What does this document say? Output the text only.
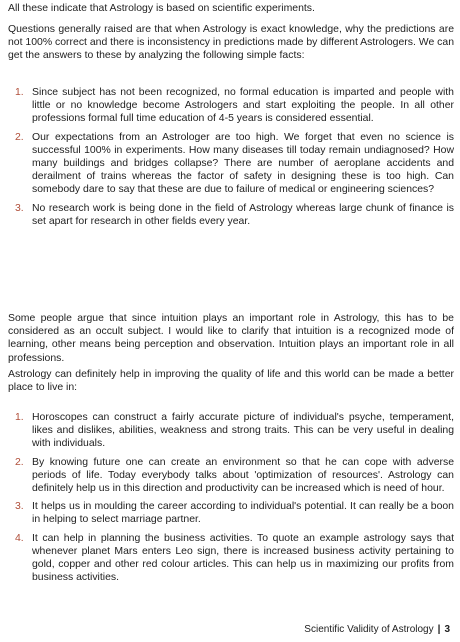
All these indicate that Astrology is based on scientific experiments.

Questions generally raised are that when Astrology is exact knowledge, why the predictions are not 100% correct and there is inconsistency in predictions made by different Astrologers. We can get the answers to these by analyzing the following simple facts:

1. Since subject has not been recognized, no formal education is imparted and people with little or no knowledge become Astrologers and start exploiting the people. In all other professions formal full time education of 4-5 years is considered essential.
2. Our expectations from an Astrologer are too high. We forget that even no science is successful 100% in experiments. How many diseases till today remain undiagnosed? How many buildings and bridges collapse? There are number of aeroplane accidents and derailment of trains whereas the factor of safety in designing these is too high. Can somebody dare to say that these are due to failure of medical or engineering sciences?
3. No research work is being done in the field of Astrology whereas large chunk of finance is set apart for research in other fields every year.

Some people argue that since intuition plays an important role in Astrology, this has to be considered as an occult subject. I would like to clarify that intuition is a recognized mode of learning, other means being perception and observation. Intuition plays an important role in all professions.

Astrology can definitely help in improving the quality of life and this world can be made a better place to live in:

1. Horoscopes can construct a fairly accurate picture of individual's psyche, temperament, likes and dislikes, abilities, weakness and strong traits. This can be very useful in dealing with individuals.
2. By knowing future one can create an environment so that he can cope with adverse periods of life. Today everybody talks about 'optimization of resources'. Astrology can definitely help us in this direction and productivity can be increased which is need of hour.
3. It helps us in moulding the career according to individual's potential. It can really be a boon in helping to select marriage partner.
4. It can help in planning the business activities. To quote an example astrology says that whenever planet Mars enters Leo sign, there is increased business activity pertaining to gold, copper and other red colour articles. This can help us in maximizing our profits from business activities.
Scientific Validity of Astrology | 3
